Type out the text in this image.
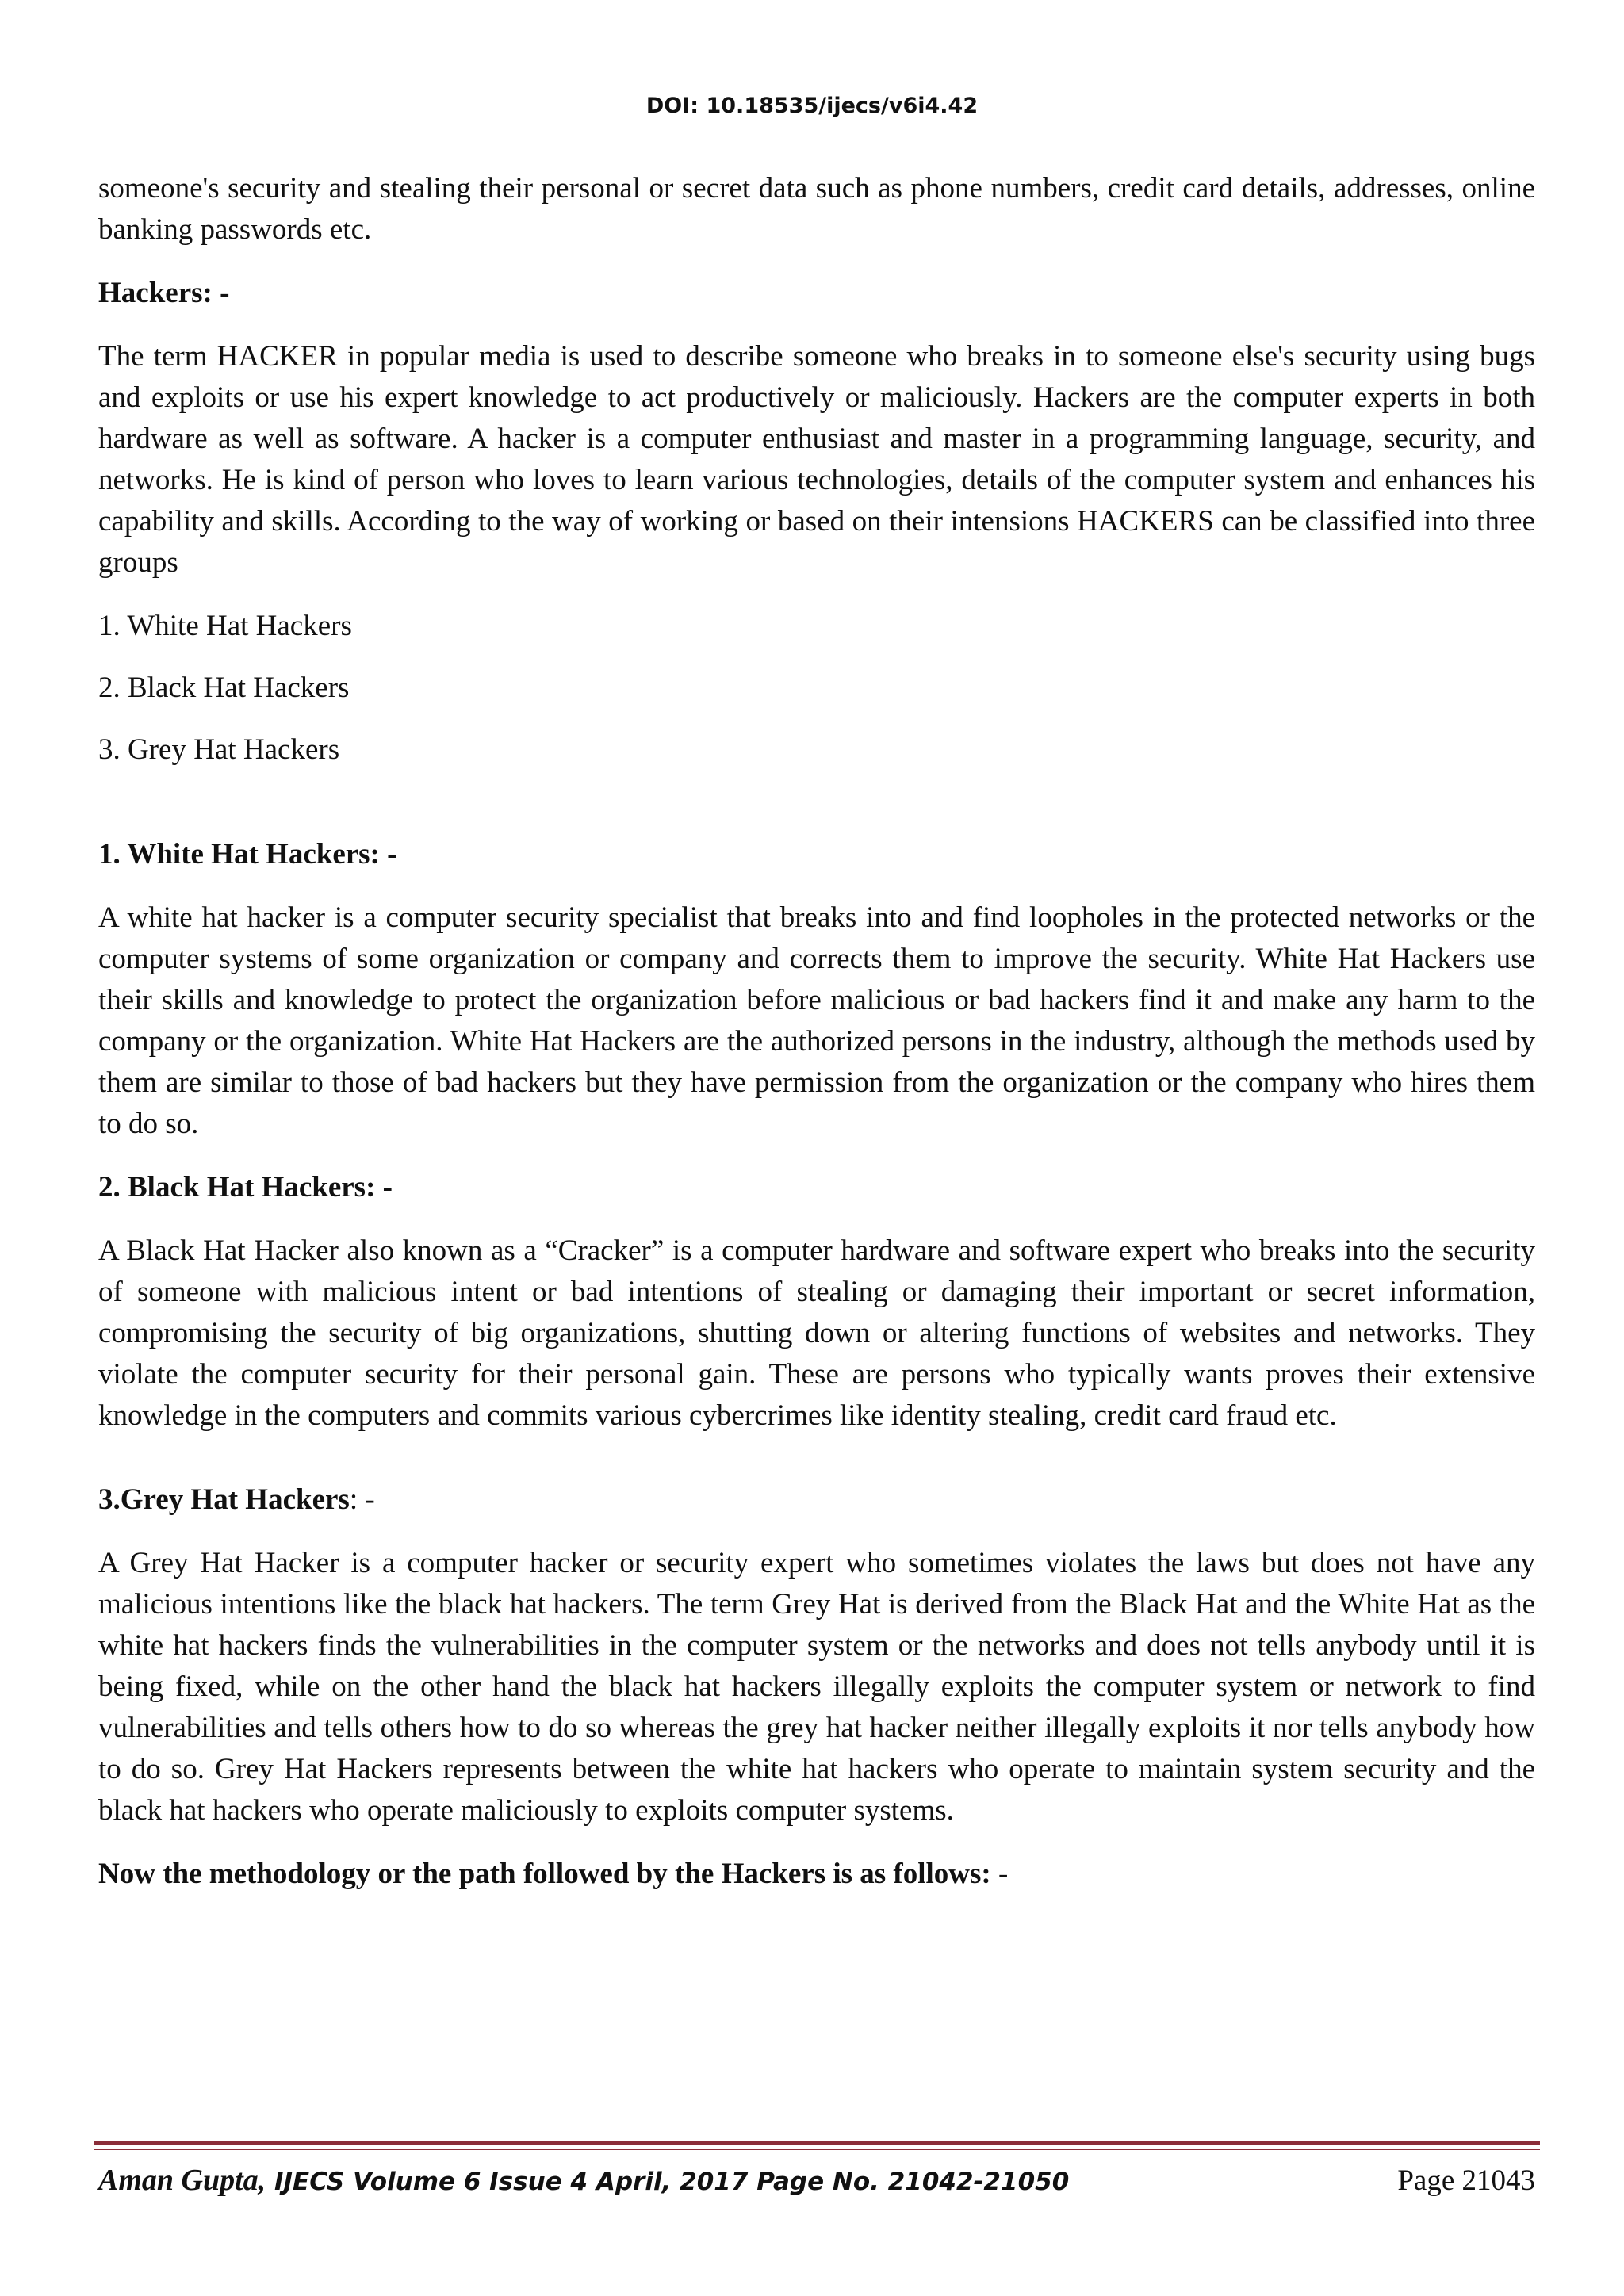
DOI: 10.18535/ijecs/v6i4.42

someone's security and stealing their personal or secret data such as phone numbers, credit card details, addresses, online banking passwords etc.

Hackers: -

The term HACKER in popular media is used to describe someone who breaks in to someone else's security using bugs and exploits or use his expert knowledge to act productively or maliciously. Hackers are the computer experts in both hardware as well as software. A hacker is a computer enthusiast and master in a programming language, security, and networks. He is kind of person who loves to learn various technologies, details of the computer system and enhances his capability and skills. According to the way of working or based on their intensions HACKERS can be classified into three groups

1. White Hat Hackers

2. Black Hat Hackers

3. Grey Hat Hackers

1. White Hat Hackers: -

A white hat hacker is a computer security specialist that breaks into and find loopholes in the protected networks or the computer systems of some organization or company and corrects them to improve the security. White Hat Hackers use their skills and knowledge to protect the organization before malicious or bad hackers find it and make any harm to the company or the organization. White Hat Hackers are the authorized persons in the industry, although the methods used by them are similar to those of bad hackers but they have permission from the organization or the company who hires them to do so.

2. Black Hat Hackers: -

A Black Hat Hacker also known as a “Cracker” is a computer hardware and software expert who breaks into the security of someone with malicious intent or bad intentions of stealing or damaging their important or secret information, compromising the security of big organizations, shutting down or altering functions of websites and networks. They violate the computer security for their personal gain. These are persons who typically wants proves their extensive knowledge in the computers and commits various cybercrimes like identity stealing, credit card fraud etc.

3.Grey Hat Hackers: -

A Grey Hat Hacker is a computer hacker or security expert who sometimes violates the laws but does not have any malicious intentions like the black hat hackers. The term Grey Hat is derived from the Black Hat and the White Hat as the white hat hackers finds the vulnerabilities in the computer system or the networks and does not tells anybody until it is being fixed, while on the other hand the black hat hackers illegally exploits the computer system or network to find vulnerabilities and tells others how to do so whereas the grey hat hacker neither illegally exploits it nor tells anybody how to do so. Grey Hat Hackers represents between the white hat hackers who operate to maintain system security and the black hat hackers who operate maliciously to exploits computer systems.

Now the methodology or the path followed by the Hackers is as follows: -

Aman Gupta, IJECS Volume 6 Issue 4 April, 2017 Page No. 21042-21050	Page 21043
